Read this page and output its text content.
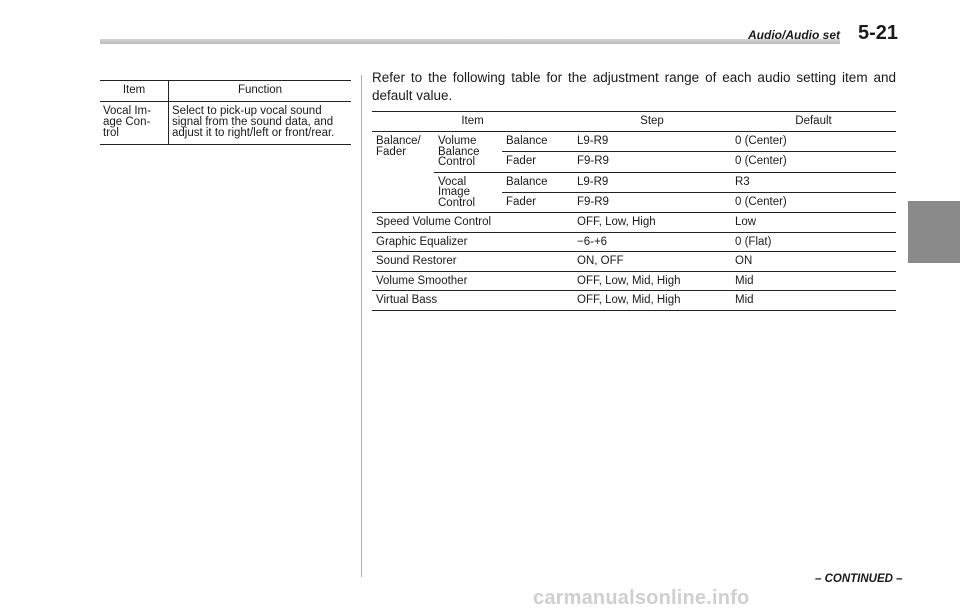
Audio/Audio set 5-21
Item	Function
Vocal Im-
age Con-
trol	Select to pick-up vocal sound
signal from the sound data, and
adjust it to right/left or front/rear.
Refer to the following table for the adjustment range of each audio setting item and default value.
Item			Step	Default
Balance/
Fader	Volume
Balance
Control	Balance	L9-R9	0 (Center)
		Fader	F9-R9	0 (Center)
	Vocal
Image
Control	Balance	L9-R9	R3
		Fader	F9-R9	0 (Center)
Speed Volume Control			OFF, Low, High	Low
Graphic Equalizer			−6-+6	0 (Flat)
Sound Restorer			ON, OFF	ON
Volume Smoother			OFF, Low, Mid, High	Mid
Virtual Bass			OFF, Low, Mid, High	Mid
– CONTINUED –
carmanualsonline.info
